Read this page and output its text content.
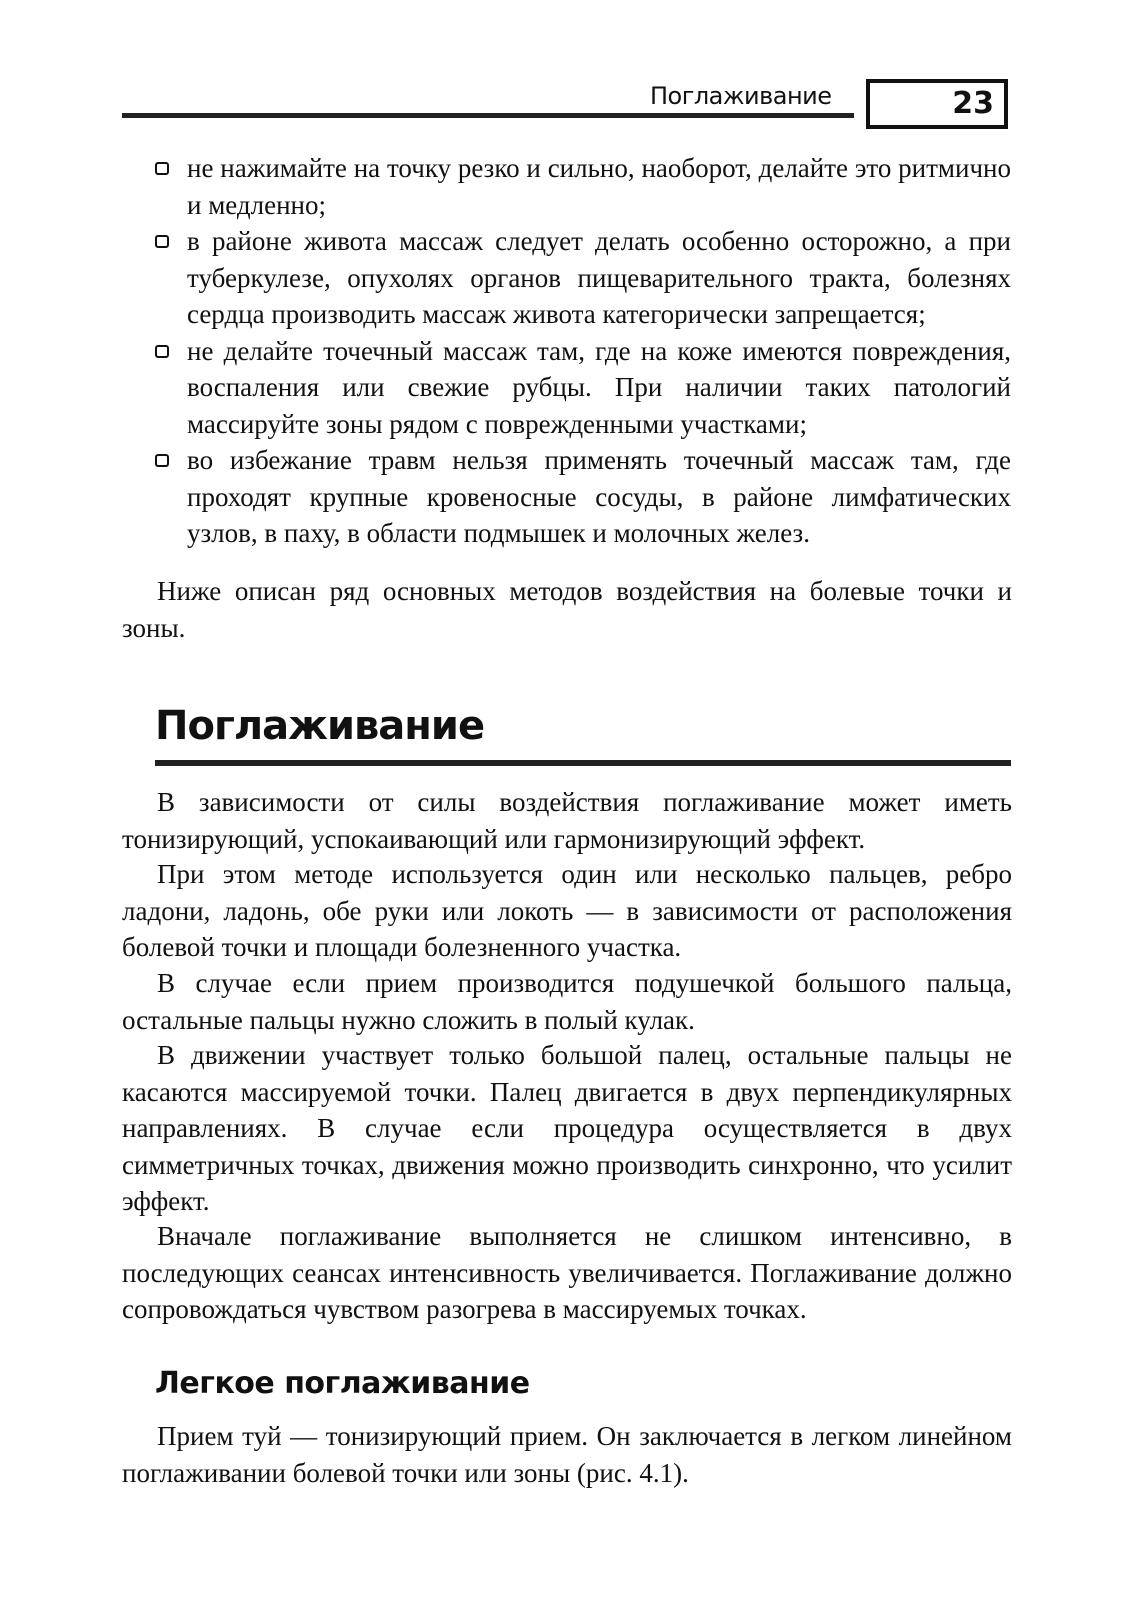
Поглаживание	23
не нажимайте на точку резко и сильно, наоборот, делайте это ритмично и медленно;
в районе живота массаж следует делать особенно осторожно, а при туберкулезе, опухолях органов пищеварительного тракта, болезнях сердца производить массаж живота категорически запрещается;
не делайте точечный массаж там, где на коже имеются повреждения, воспаления или свежие рубцы. При наличии таких патологий массируйте зоны рядом с поврежденными участками;
во избежание травм нельзя применять точечный массаж там, где проходят крупные кровеносные сосуды, в районе лимфатических узлов, в паху, в области подмышек и молочных желез.

Ниже описан ряд основных методов воздействия на болевые точки и зоны.

Поглаживание

В зависимости от силы воздействия поглаживание может иметь тонизирующий, успокаивающий или гармонизирующий эффект.

При этом методе используется один или несколько пальцев, ребро ладони, ладонь, обе руки или локоть — в зависимости от расположения болевой точки и площади болезненного участка.

В случае если прием производится подушечкой большого пальца, остальные пальцы нужно сложить в полый кулак.

В движении участвует только большой палец, остальные пальцы не касаются массируемой точки. Палец двигается в двух перпендикулярных направлениях. В случае если процедура осуществляется в двух симметричных точках, движения можно производить синхронно, что усилит эффект.

Вначале поглаживание выполняется не слишком интенсивно, в последующих сеансах интенсивность увеличивается. Поглаживание должно сопровождаться чувством разогрева в массируемых точках.

Легкое поглаживание

Прием туй — тонизирующий прием. Он заключается в легком линейном поглаживании болевой точки или зоны (рис. 4.1).
